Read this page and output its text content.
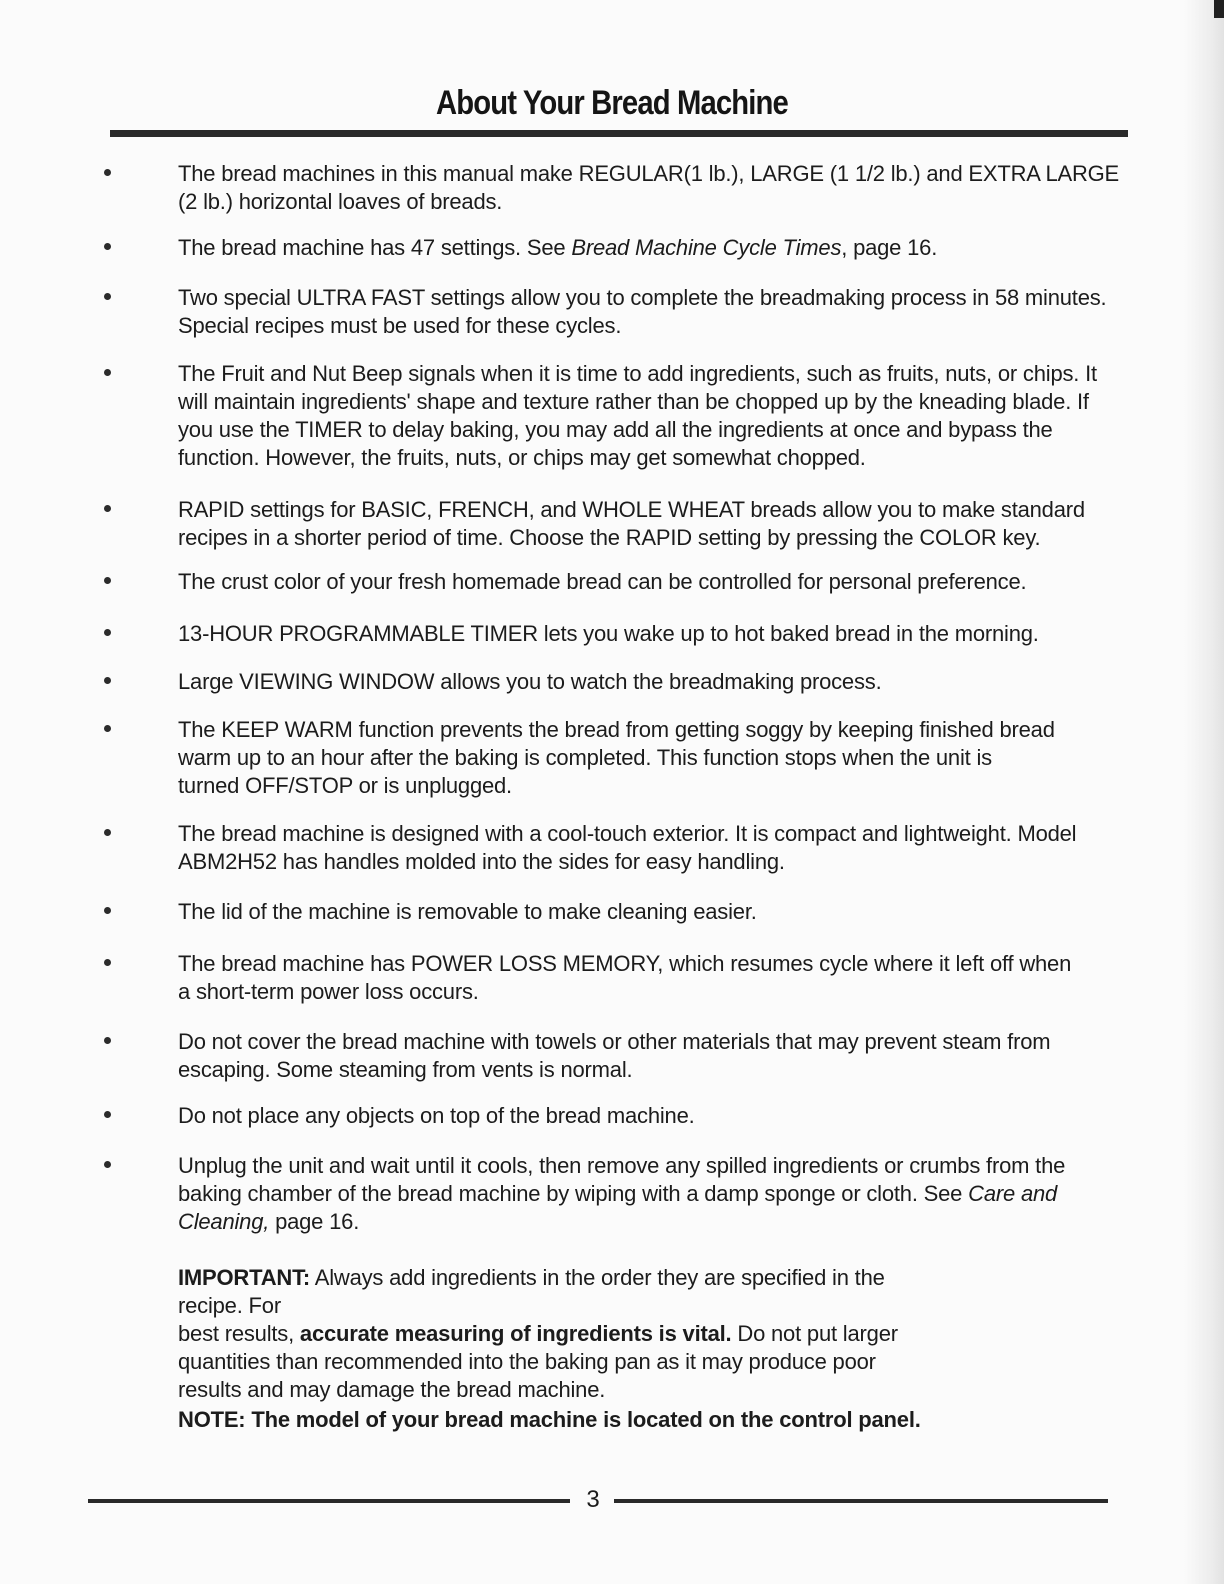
About Your Bread Machine
The bread machines in this manual make REGULAR(1 lb.), LARGE (1 1/2 lb.) and EXTRA LARGE
(2 lb.) horizontal loaves of breads.
The bread machine has 47 settings. See Bread Machine Cycle Times, page 16.
Two special ULTRA FAST settings allow you to complete the breadmaking process in 58 minutes.
Special recipes must be used for these cycles.
The Fruit and Nut Beep signals when it is time to add ingredients, such as fruits, nuts, or chips. It
will maintain ingredients' shape and texture rather than be chopped up by the kneading blade. If
you use the TIMER to delay baking, you may add all the ingredients at once and bypass the
function. However, the fruits, nuts, or chips may get somewhat chopped.
RAPID settings for BASIC, FRENCH, and WHOLE WHEAT breads allow you to make standard
recipes in a shorter period of time. Choose the RAPID setting by pressing the COLOR key.
The crust color of your fresh homemade bread can be controlled for personal preference.
13-HOUR PROGRAMMABLE TIMER lets you wake up to hot baked bread in the morning.
Large VIEWING WINDOW allows you to watch the breadmaking process.
The KEEP WARM function prevents the bread from getting soggy by keeping finished bread
warm up to an hour after the baking is completed. This function stops when the unit is
turned OFF/STOP or is unplugged.
The bread machine is designed with a cool-touch exterior. It is compact and lightweight. Model
ABM2H52 has handles molded into the sides for easy handling.
The lid of the machine is removable to make cleaning easier.
The bread machine has POWER LOSS MEMORY, which resumes cycle where it left off when
a short-term power loss occurs.
Do not cover the bread machine with towels or other materials that may prevent steam from
escaping. Some steaming from vents is normal.
Do not place any objects on top of the bread machine.
Unplug the unit and wait until it cools, then remove any spilled ingredients or crumbs from the
baking chamber of the bread machine by wiping with a damp sponge or cloth. See Care and
Cleaning, page 16.
IMPORTANT: Always add ingredients in the order they are specified in the recipe. For
best results, accurate measuring of ingredients is vital. Do not put larger
quantities than recommended into the baking pan as it may produce poor
results and may damage the bread machine.
NOTE: The model of your bread machine is located on the control panel.
3
